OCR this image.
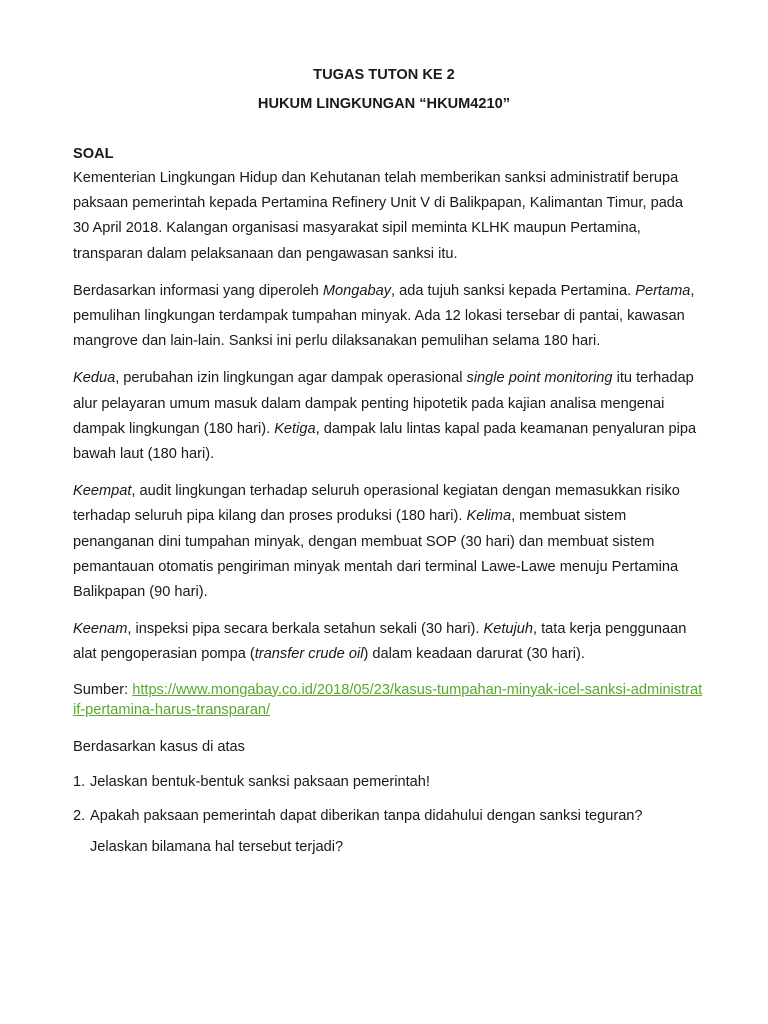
TUGAS TUTON KE 2
HUKUM LINGKUNGAN “HKUM4210”
SOAL

Kementerian Lingkungan Hidup dan Kehutanan telah memberikan sanksi administratif berupa paksaan pemerintah kepada Pertamina Refinery Unit V di Balikpapan, Kalimantan Timur, pada 30 April 2018. Kalangan organisasi masyarakat sipil meminta KLHK maupun Pertamina, transparan dalam pelaksanaan dan pengawasan sanksi itu.

Berdasarkan informasi yang diperoleh Mongabay, ada tujuh sanksi kepada Pertamina. Pertama, pemulihan lingkungan terdampak tumpahan minyak. Ada 12 lokasi tersebar di pantai, kawasan mangrove dan lain-lain. Sanksi ini perlu dilaksanakan pemulihan selama 180 hari.

Kedua, perubahan izin lingkungan agar dampak operasional single point monitoring itu terhadap alur pelayaran umum masuk dalam dampak penting hipotetik pada kajian analisa mengenai dampak lingkungan (180 hari). Ketiga, dampak lalu lintas kapal pada keamanan penyaluran pipa bawah laut (180 hari).

Keempat, audit lingkungan terhadap seluruh operasional kegiatan dengan memasukkan risiko terhadap seluruh pipa kilang dan proses produksi (180 hari). Kelima, membuat sistem penanganan dini tumpahan minyak, dengan membuat SOP (30 hari) dan membuat sistem pemantauan otomatis pengiriman minyak mentah dari terminal Lawe-Lawe menuju Pertamina Balikpapan (90 hari).

Keenam, inspeksi pipa secara berkala setahun sekali (30 hari). Ketujuh, tata kerja penggunaan alat pengoperasian pompa (transfer crude oil) dalam keadaan darurat (30 hari).

Sumber: https://www.mongabay.co.id/2018/05/23/kasus-tumpahan-minyak-icel-sanksi-administratif-pertamina-harus-transparan/

Berdasarkan kasus di atas

1. Jelaskan bentuk-bentuk sanksi paksaan pemerintah!
2. Apakah paksaan pemerintah dapat diberikan tanpa didahului dengan sanksi teguran? Jelaskan bilamana hal tersebut terjadi?
